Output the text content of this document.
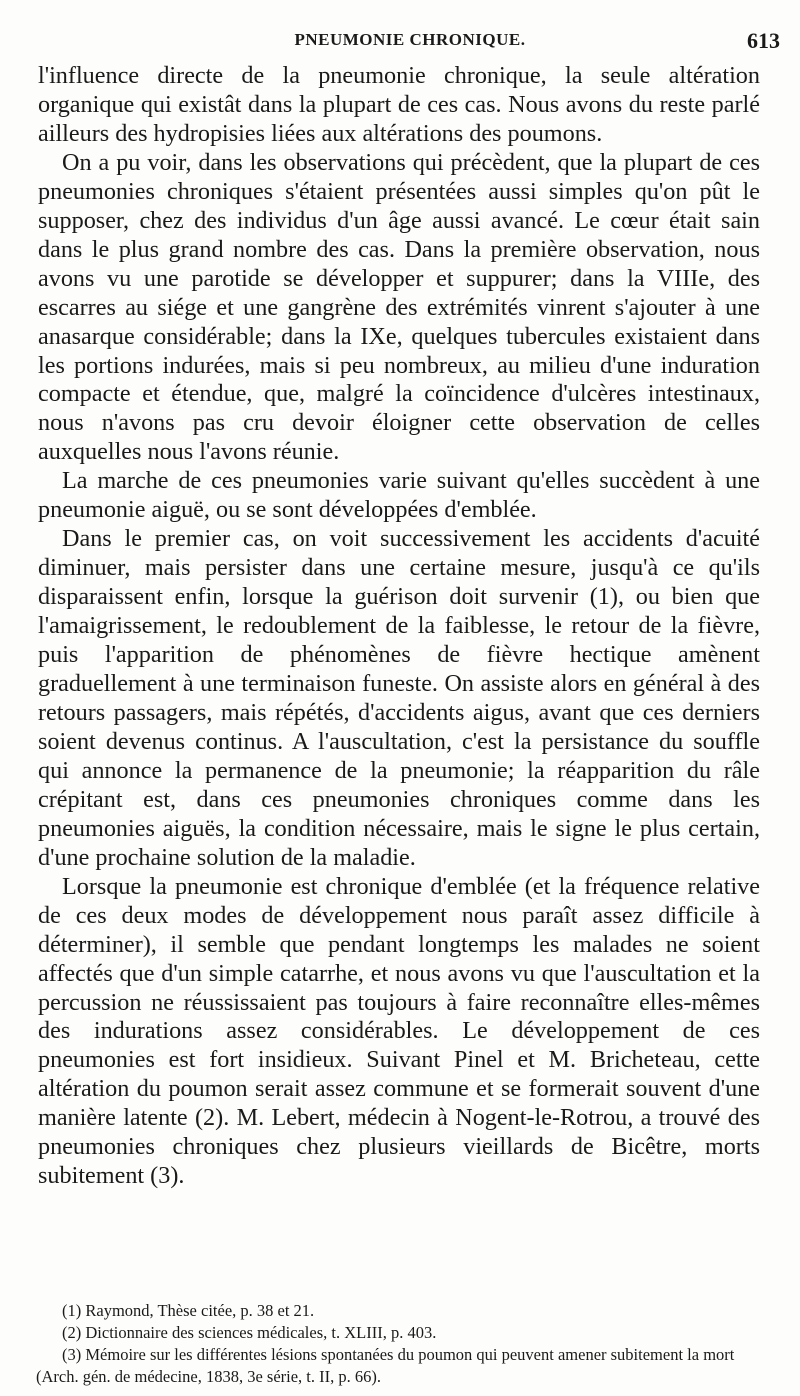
PNEUMONIE CHRONIQUE.	613

l'influence directe de la pneumonie chronique, la seule altération organique qui existât dans la plupart de ces cas. Nous avons du reste parlé ailleurs des hydropisies liées aux altérations des poumons.

On a pu voir, dans les observations qui précèdent, que la plupart de ces pneumonies chroniques s'étaient présentées aussi simples qu'on pût le supposer, chez des individus d'un âge aussi avancé. Le cœur était sain dans le plus grand nombre des cas. Dans la première observation, nous avons vu une parotide se développer et suppurer; dans la VIIIe, des escarres au siége et une gangrène des extrémités vinrent s'ajouter à une anasarque considérable; dans la IXe, quelques tubercules existaient dans les portions indurées, mais si peu nombreux, au milieu d'une induration compacte et étendue, que, malgré la coïncidence d'ulcères intestinaux, nous n'avons pas cru devoir éloigner cette observation de celles auxquelles nous l'avons réunie.

La marche de ces pneumonies varie suivant qu'elles succèdent à une pneumonie aiguë, ou se sont développées d'emblée.

Dans le premier cas, on voit successivement les accidents d'acuité diminuer, mais persister dans une certaine mesure, jusqu'à ce qu'ils disparaissent enfin, lorsque la guérison doit survenir (1), ou bien que l'amaigrissement, le redoublement de la faiblesse, le retour de la fièvre, puis l'apparition de phénomènes de fièvre hectique amènent graduellement à une terminaison funeste. On assiste alors en général à des retours passagers, mais répétés, d'accidents aigus, avant que ces derniers soient devenus continus. A l'auscultation, c'est la persistance du souffle qui annonce la permanence de la pneumonie; la réapparition du râle crépitant est, dans ces pneumonies chroniques comme dans les pneumonies aiguës, la condition nécessaire, mais le signe le plus certain, d'une prochaine solution de la maladie.

Lorsque la pneumonie est chronique d'emblée (et la fréquence relative de ces deux modes de développement nous paraît assez difficile à déterminer), il semble que pendant longtemps les malades ne soient affectés que d'un simple catarrhe, et nous avons vu que l'auscultation et la percussion ne réussissaient pas toujours à faire reconnaître elles-mêmes des indurations assez considérables. Le développement de ces pneumonies est fort insidieux. Suivant Pinel et M. Bricheteau, cette altération du poumon serait assez commune et se formerait souvent d'une manière latente (2). M. Lebert, médecin à Nogent-le-Rotrou, a trouvé des pneumonies chroniques chez plusieurs vieillards de Bicêtre, morts subitement (3).

(1) Raymond, Thèse citée, p. 38 et 21.

(2) Dictionnaire des sciences médicales, t. XLIII, p. 403.

(3) Mémoire sur les différentes lésions spontanées du poumon qui peuvent amener subitement la mort (Arch. gén. de médecine, 1838, 3e série, t. II, p. 66).
